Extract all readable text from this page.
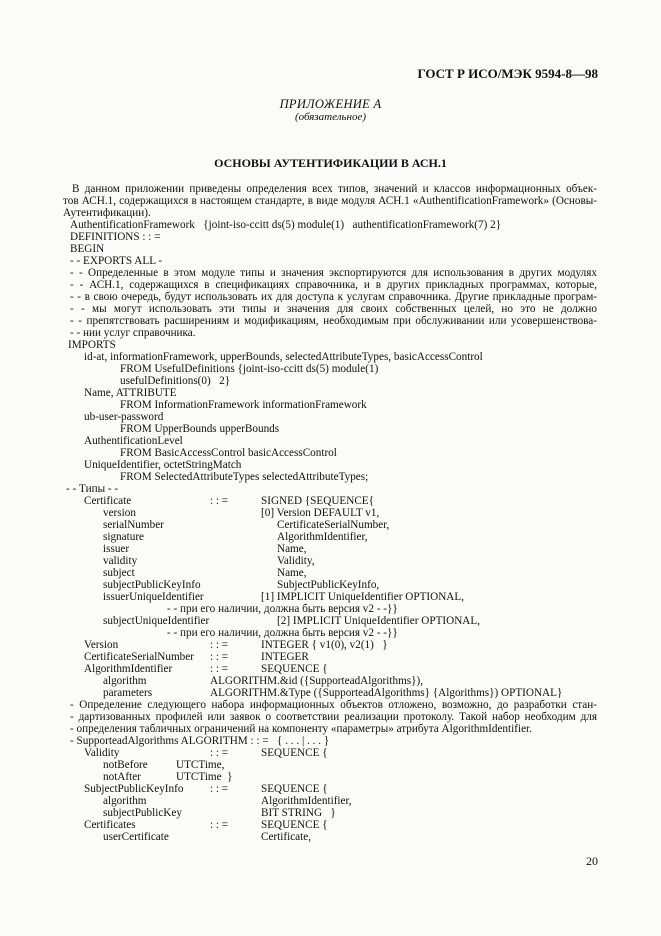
ГОСТ Р ИСО/МЭК 9594-8—98
ПРИЛОЖЕНИЕ А
(обязательное)
ОСНОВЫ АУТЕНТИФИКАЦИИ В АСН.1
В данном приложении приведены определения всех типов, значений и классов информационных объек-
тов АСН.1, содержащихся в настоящем стандарте, в виде модуля АСН.1 «AuthentificationFramework» (Основы-
Аутентификации).
AuthentificationFramework   {joint-iso-ccitt ds(5) module(1)   authentificationFramework(7) 2}
DEFINITIONS : : =
BEGIN
- - EXPORTS ALL -
- - Определенные в этом модуле типы и значения экспортируются для использования в других модулях
- - АСН.1, содержащихся в спецификациях справочника, и в других прикладных программах, которые,
- - в свою очередь, будут использовать их для доступа к услугам справочника. Другие прикладные програм-
- - мы могут использовать эти типы и значения для своих собственных целей, но это не должно
- - препятствовать расширениям и модификациям, необходимым при обслуживании или усовершенствова-
- - нии услуг справочника.
IMPORTS
id-at, informationFramework, upperBounds, selectedAttributeTypes, basicAccessControl
FROM UsefulDefinitions {joint-iso-ccitt ds(5) module(1)
usefulDefinitions(0)   2}
Name, ATTRIBUTE
FROM InformationFramework informationFramework
ub-user-password
FROM UpperBounds upperBounds
AuthentificationLevel
FROM BasicAccessControl basicAccessControl
UniqueIdentifier, octetStringMatch
FROM SelectedAttributeTypes selectedAttributeTypes;
- - Типы - -
Certificate	: : =	SIGNED {SEQUENCE{
version	[0] Version DEFAULT v1,
serialNumber	CertificateSerialNumber,
signature	AlgorithmIdentifier,
issuer	Name,
validity	Validity,
subject	Name,
subjectPublicKeyInfo	SubjectPublicKeyInfo,
issuerUniqueIdentifier	[1] IMPLICIT UniqueIdentifier OPTIONAL,
- - при его наличии, должна быть версия v2 - -}}
subjectUniqueIdentifier	[2] IMPLICIT UniqueIdentifier OPTIONAL,
- - при его наличии, должна быть версия v2 - -}}
Version	: : =	INTEGER { v1(0), v2(1)   }
CertificateSerialNumber : : =	INTEGER
AlgorithmIdentifier	: : =	SEQUENCE {
algorithm	ALGORITHM.&id ({SupporteadAlgorithms}),
parameters	ALGORITHM.&Type ({SupporteadAlgorithms} {Algorithms}) OPTIONAL}
- Определение следующего набора информационных объектов отложено, возможно, до разработки стан-
- дартизованных профилей или заявок о соответствии реализации протоколу. Такой набор необходим для
- определения табличных ограничений на компоненту «параметры» атрибута AlgorithmIdentifier.
- SupporteadAlgorithms ALGORITHM : : =   { . . . | . . . }
Validity	: : =	SEQUENCE {
notBefore	UTCTime,
notAfter	UTCTime  }
SubjectPublicKeyInfo : : =	SEQUENCE {
algorithm	AlgorithmIdentifier,
subjectPublicKey	BIT STRING   }
Certificates	: : =	SEQUENCE {
userCertificate	Certificate,
20
